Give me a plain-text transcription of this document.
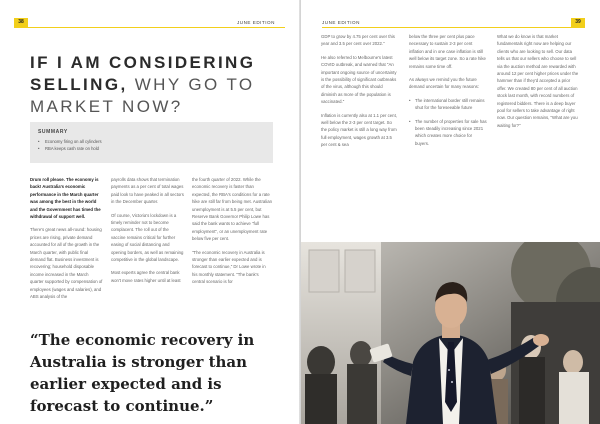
38	JUNE EDITION
IF I AM CONSIDERING SELLING, WHY GO TO MARKET NOW?
SUMMARY
• Economy firing on all cylinders
• RBA keeps cash rate on hold

Drum roll please. The economy is back! Australia's economic performance in the March quarter was among the best in the world and the Government has timed the withdrawal of support well.

There's great news all-round: housing prices are rising, private demand accounted for all of the growth in the March quarter, with public final demand flat. Business investment is recovering; household disposable income increased in the March quarter supported by compensation of employees (wages and salaries), and ABS analysis of the

payrolls data shows that termination payments as a per cent of total wages paid look to have peaked in all sectors in the December quarter.

Of course, Victoria's lockdown is a timely reminder not to become complacent. The roll out of the vaccine remains critical for further easing of social distancing and opening borders, as well as remaining competitive in the global landscape.

Most experts agree the central bank won't move rates higher until at least

the fourth quarter of 2022. While the economic recovery is faster than expected, the RBA's conditions for a rate hike are still far from being met. Australian unemployment is at 5.5 per cent, but Reserve Bank Governor Philip Lowe has said the bank wants to achieve "full employment", or an unemployment rate below five per cent.

"The economic recovery in Australia is stronger than earlier expected and is forecast to continue," Dr Lowe wrote in his monthly statement. "The bank's central scenario is for

“The economic recovery in Australia is stronger than earlier expected and is forecast to continue.”
JUNE EDITION	39

GDP to grow by 4.75 per cent over this year and 3.5 per cent over 2022."

He also referred to Melbourne's latest COVID outbreak, and warned that "An important ongoing source of uncertainty is the possibility of significant outbreaks of the virus, although this should diminish as more of the population is vaccinated."

Inflation is currently also at 1.1 per cent, well below the 2-3 per cent target. So the policy market is still a long way from full employment, wages growth at 3.5 per cent & sea

below the three per cent plus pace necessary to sustain 2-3 per cent inflation and in one case inflation is still well below its target zone. So a rate hike remains some time off.

As always we remind you the future demand uncertain for many reasons:

• The international border still remains shut for the foreseeable future

• The number of properties for sale has been steadily increasing since 2021 which creates more choice for buyers.

What we do know is that market fundamentals right now are helping our clients who are looking to sell. Our data tells us that our sellers who choose to sell via the auction method are rewarded with around 12 per cent higher prices under the hammer than if they'd accepted a prior offer. We created 80 per cent of all auction stock last month, with record numbers of registered bidders. There is a deep buyer pool for sellers to take advantage of right now. Our question remains, "What are you waiting for?"
